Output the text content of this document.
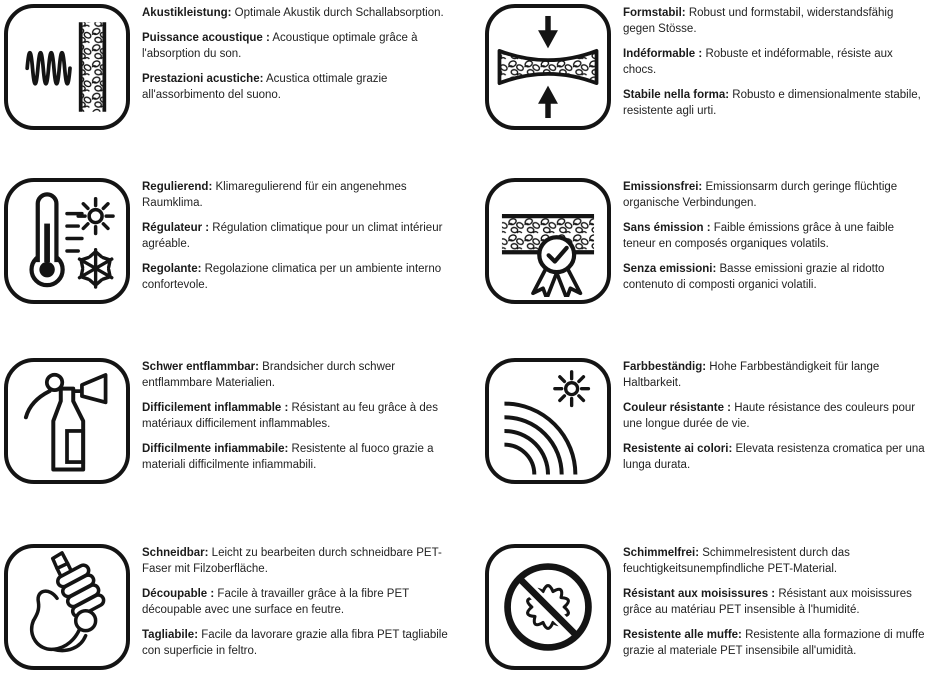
Akustikleistung: Optimale Akustik durch Schallabsorption.

Puissance acoustique : Acoustique optimale grâce à l'absorption du son.

Prestazioni acustiche: Acustica ottimale grazie all'assorbimento del suono.

Formstabil: Robust und formstabil, widerstandsfähig gegen Stösse.

Indéformable : Robuste et indéformable, résiste aux chocs.

Stabile nella forma: Robusto e dimensionalmente stabile, resistente agli urti.

Regulierend: Klimaregulierend für ein angenehmes Raumklima.

Régulateur : Régulation climatique pour un climat intérieur agréable.

Regolante: Regolazione climatica per un ambiente interno confortevole.

Emissionsfrei: Emissionsarm durch geringe flüchtige organische Verbindungen.

Sans émission : Faible émissions grâce à une faible teneur en composés organiques volatils.

Senza emissioni: Basse emissioni grazie al ridotto contenuto di composti organici volatili.

Schwer entflammbar: Brandsicher durch schwer entflammbare Materialien.

Difficilement inflammable : Résistant au feu grâce à des matériaux difficilement inflammables.

Difficilmente infiammabile: Resistente al fuoco grazie a materiali difficilmente infiammabili.

Farbbeständig: Hohe Farbbeständigkeit für lange Haltbarkeit.

Couleur résistante : Haute résistance des couleurs pour une longue durée de vie.

Resistente ai colori: Elevata resistenza cromatica per una lunga durata.

Schneidbar: Leicht zu bearbeiten durch schneidbare PET-Faser mit Filzoberfläche.

Découpable : Facile à travailler grâce à la fibre PET découpable avec une surface en feutre.

Tagliabile: Facile da lavorare grazie alla fibra PET tagliabile con superficie in feltro.

Schimmelfrei: Schimmelresistent durch das feuchtigkeitsunempfindliche PET-Material.

Résistant aux moisissures : Résistant aux moisissures grâce au matériau PET insensible à l'humidité.

Resistente alle muffe: Resistente alla formazione di muffe grazie al materiale PET insensibile all'umidità.
